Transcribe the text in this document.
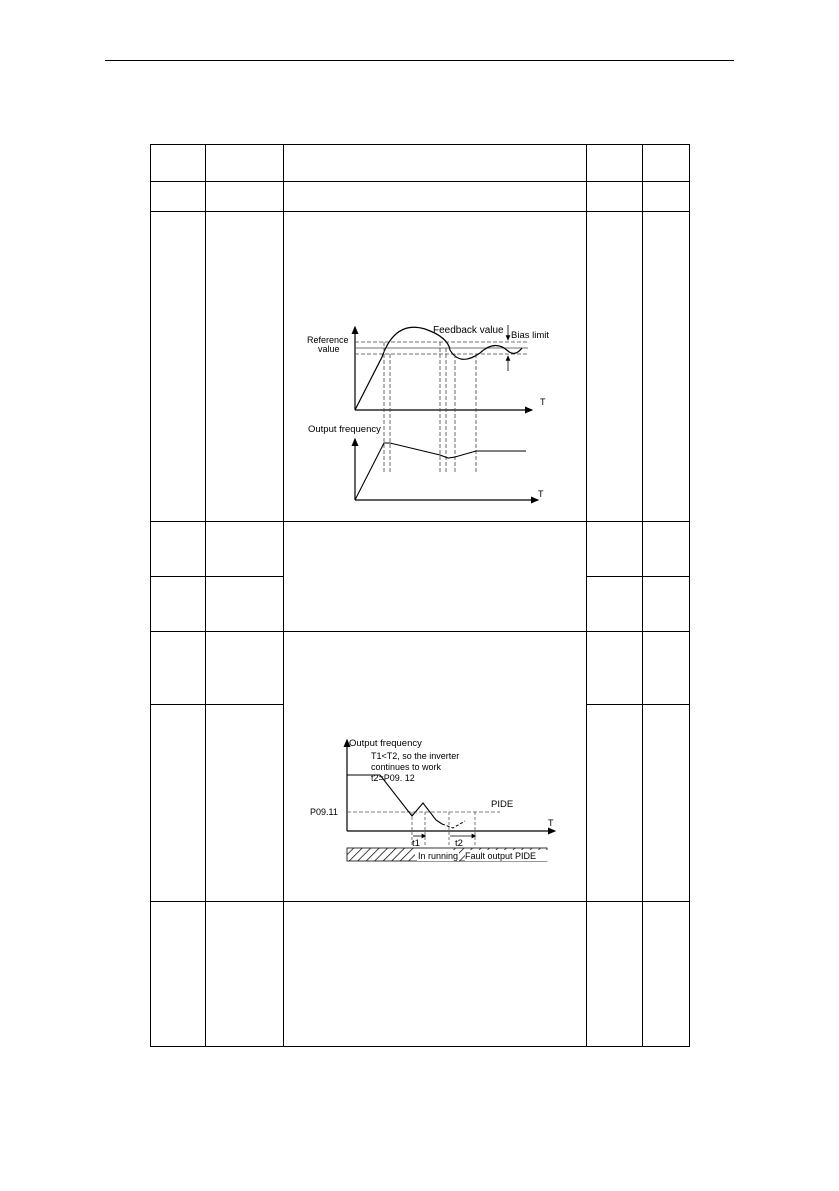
Reference
value
Feedback value Bias limit
T
Output frequency
T
Output frequency
T1<T2, so the inverter
continues to work
t2=P09. 12
PIDE
P09.11
T
t1	t2
In running Fault output PIDE
